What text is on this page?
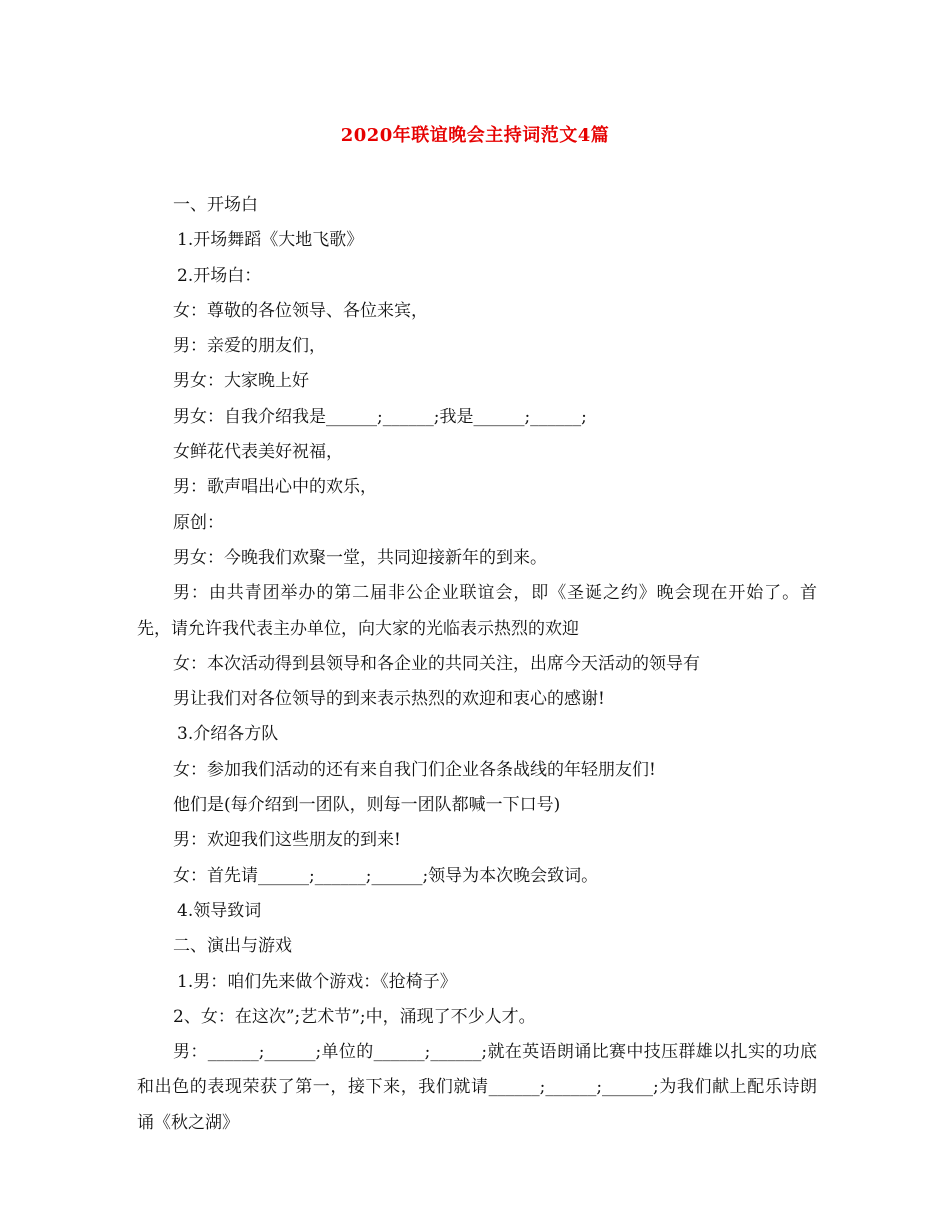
2020年联谊晚会主持词范文4篇
一、开场白
1.开场舞蹈《大地飞歌》
2.开场白：
女：尊敬的各位领导、各位来宾，
男：亲爱的朋友们，
男女：大家晚上好
男女：自我介绍我是______;______;我是______;______;
女鲜花代表美好祝福，
男：歌声唱出心中的欢乐，
原创：
男女：今晚我们欢聚一堂，共同迎接新年的到来。
男：由共青团举办的第二届非公企业联谊会，即《圣诞之约》晚会现在开始了。首先，请允许我代表主办单位，向大家的光临表示热烈的欢迎
女：本次活动得到县领导和各企业的共同关注，出席今天活动的领导有
男让我们对各位领导的到来表示热烈的欢迎和衷心的感谢!
3.介绍各方队
女：参加我们活动的还有来自我门们企业各条战线的年轻朋友们!
他们是(每介绍到一团队，则每一团队都喊一下口号)
男：欢迎我们这些朋友的到来!
女：首先请______;______;______;领导为本次晚会致词。
4.领导致词
二、演出与游戏
1.男：咱们先来做个游戏：《抢椅子》
2、女：在这次”;艺术节”;中，涌现了不少人才。
男：______;______;单位的______;______;就在英语朗诵比赛中技压群雄以扎实的功底和出色的表现荣获了第一，接下来，我们就请______;______;______;为我们献上配乐诗朗诵《秋之湖》
